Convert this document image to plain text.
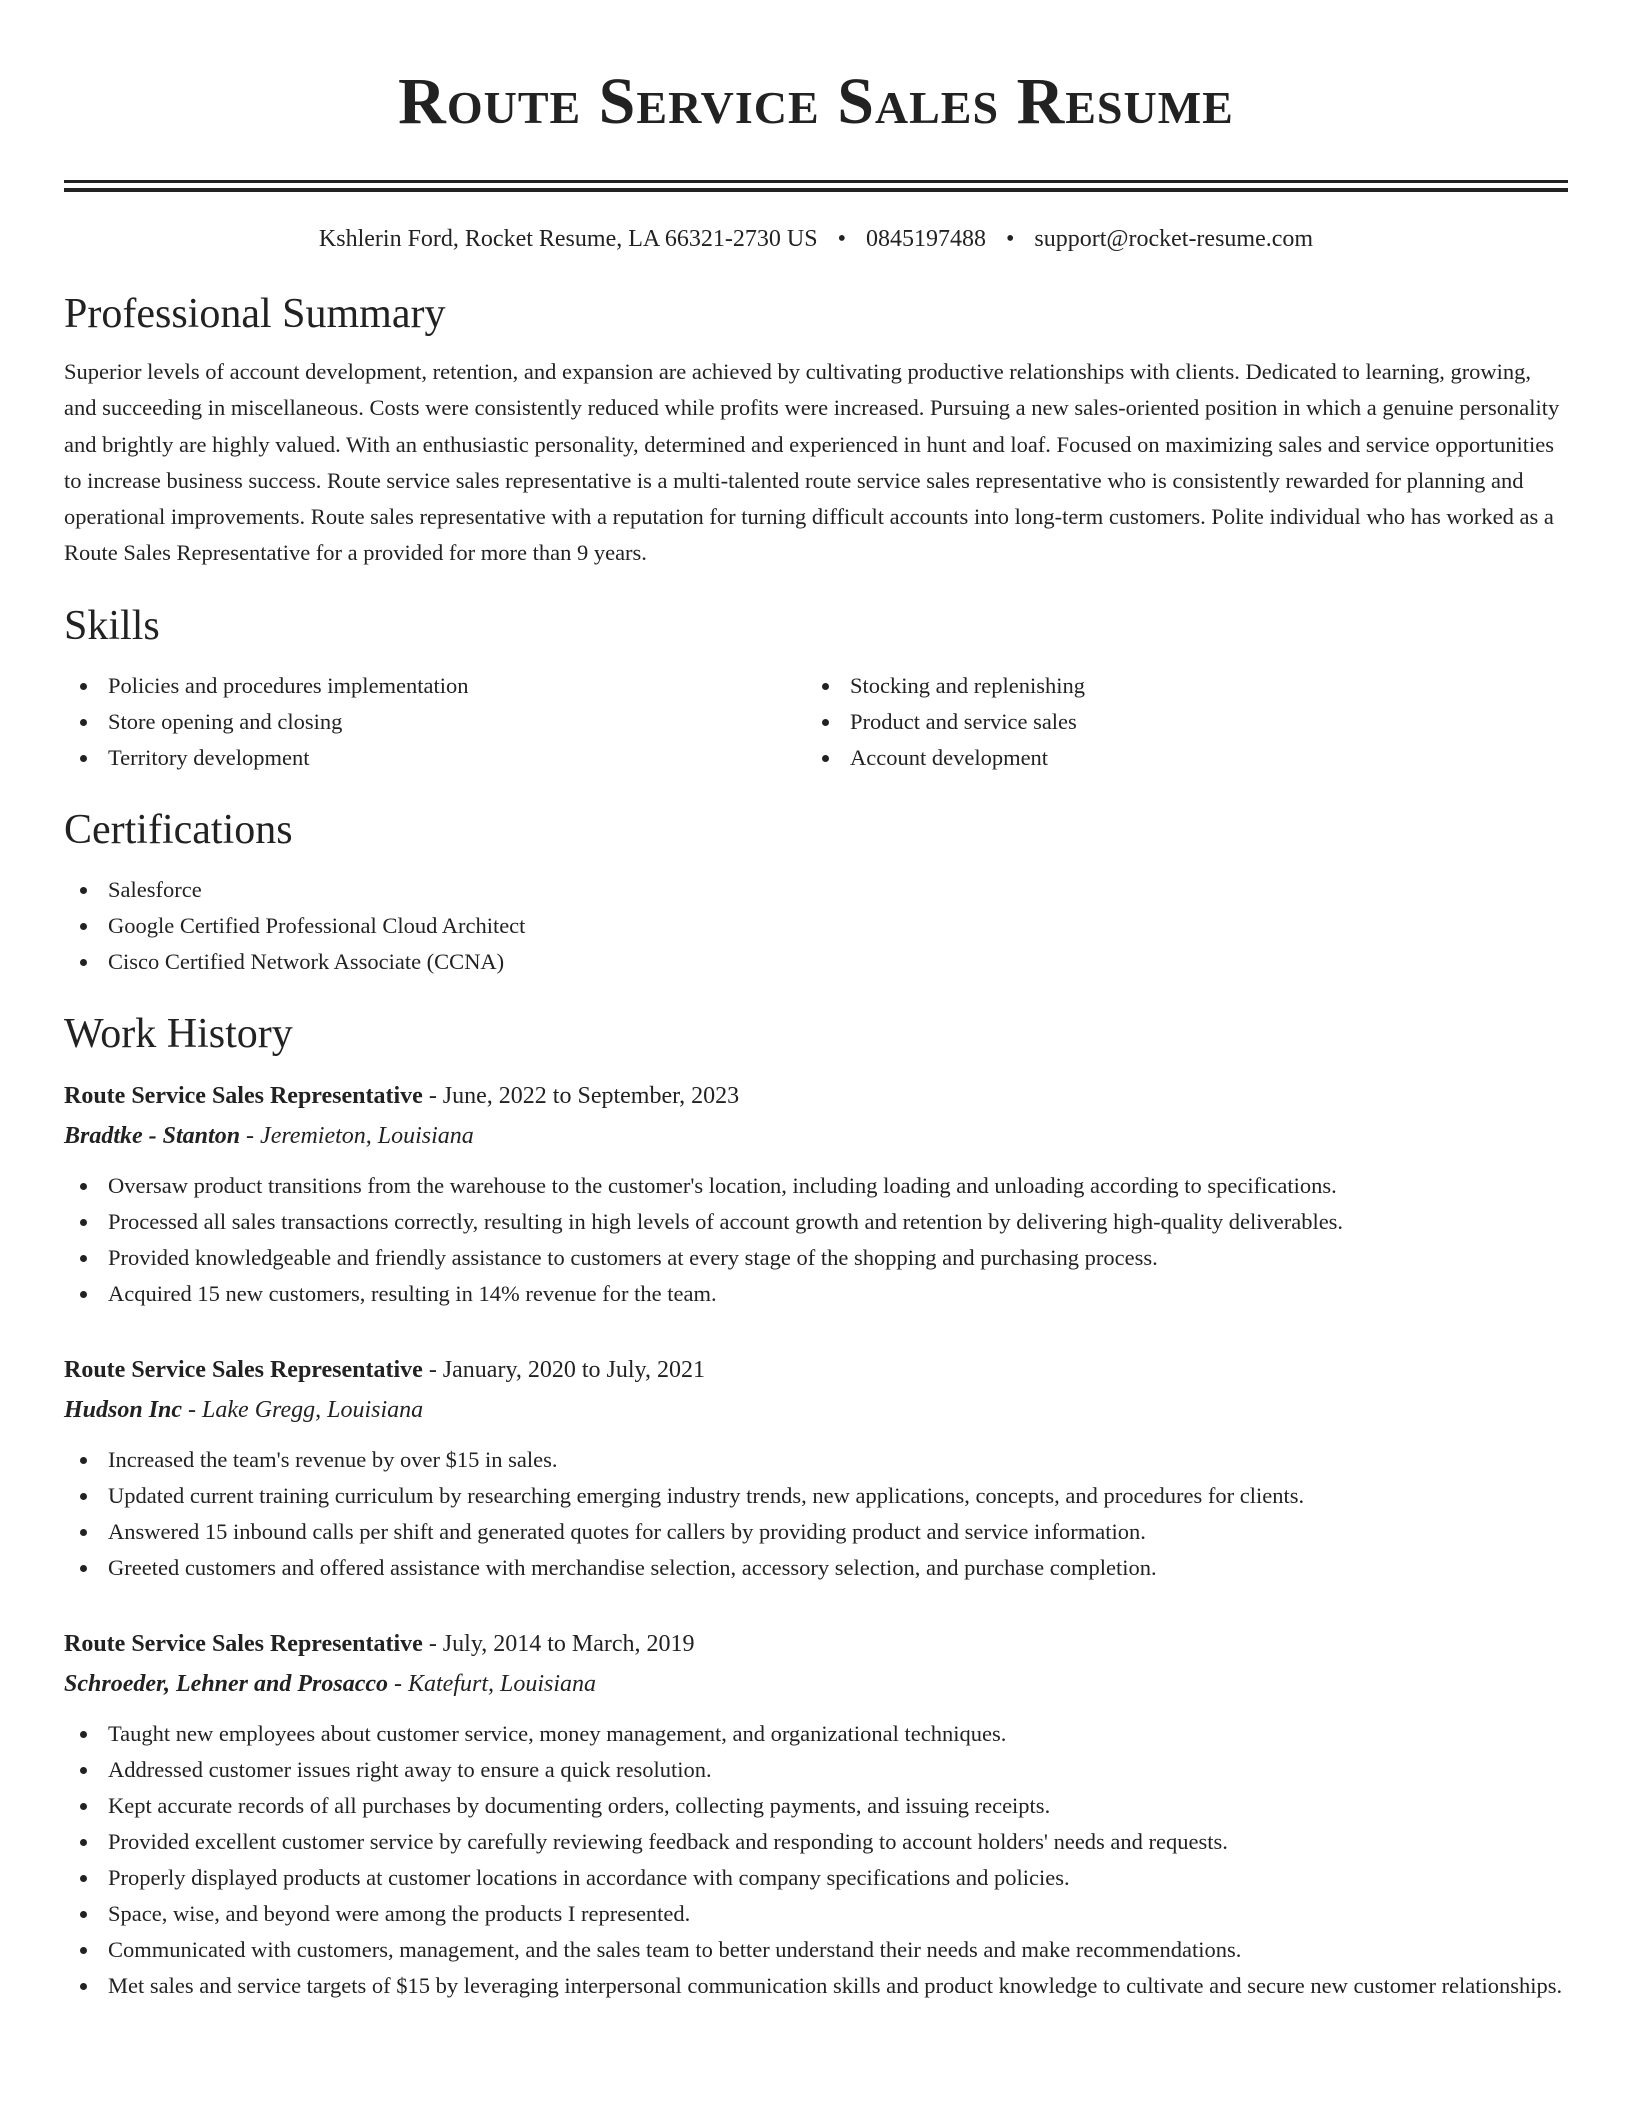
Route Service Sales Resume
Kshlerin Ford, Rocket Resume, LA 66321-2730 US • 0845197488 • support@rocket-resume.com
Professional Summary
Superior levels of account development, retention, and expansion are achieved by cultivating productive relationships with clients. Dedicated to learning, growing, and succeeding in miscellaneous. Costs were consistently reduced while profits were increased. Pursuing a new sales-oriented position in which a genuine personality and brightly are highly valued. With an enthusiastic personality, determined and experienced in hunt and loaf. Focused on maximizing sales and service opportunities to increase business success. Route service sales representative is a multi-talented route service sales representative who is consistently rewarded for planning and operational improvements. Route sales representative with a reputation for turning difficult accounts into long-term customers. Polite individual who has worked as a Route Sales Representative for a provided for more than 9 years.
Skills
Policies and procedures implementation
Store opening and closing
Territory development
Stocking and replenishing
Product and service sales
Account development
Certifications
Salesforce
Google Certified Professional Cloud Architect
Cisco Certified Network Associate (CCNA)
Work History
Route Service Sales Representative - June, 2022 to September, 2023
Bradtke - Stanton - Jeremieton, Louisiana
Oversaw product transitions from the warehouse to the customer's location, including loading and unloading according to specifications.
Processed all sales transactions correctly, resulting in high levels of account growth and retention by delivering high-quality deliverables.
Provided knowledgeable and friendly assistance to customers at every stage of the shopping and purchasing process.
Acquired 15 new customers, resulting in 14% revenue for the team.
Route Service Sales Representative - January, 2020 to July, 2021
Hudson Inc - Lake Gregg, Louisiana
Increased the team's revenue by over $15 in sales.
Updated current training curriculum by researching emerging industry trends, new applications, concepts, and procedures for clients.
Answered 15 inbound calls per shift and generated quotes for callers by providing product and service information.
Greeted customers and offered assistance with merchandise selection, accessory selection, and purchase completion.
Route Service Sales Representative - July, 2014 to March, 2019
Schroeder, Lehner and Prosacco - Katefurt, Louisiana
Taught new employees about customer service, money management, and organizational techniques.
Addressed customer issues right away to ensure a quick resolution.
Kept accurate records of all purchases by documenting orders, collecting payments, and issuing receipts.
Provided excellent customer service by carefully reviewing feedback and responding to account holders' needs and requests.
Properly displayed products at customer locations in accordance with company specifications and policies.
Space, wise, and beyond were among the products I represented.
Communicated with customers, management, and the sales team to better understand their needs and make recommendations.
Met sales and service targets of $15 by leveraging interpersonal communication skills and product knowledge to cultivate and secure new customer relationships.
